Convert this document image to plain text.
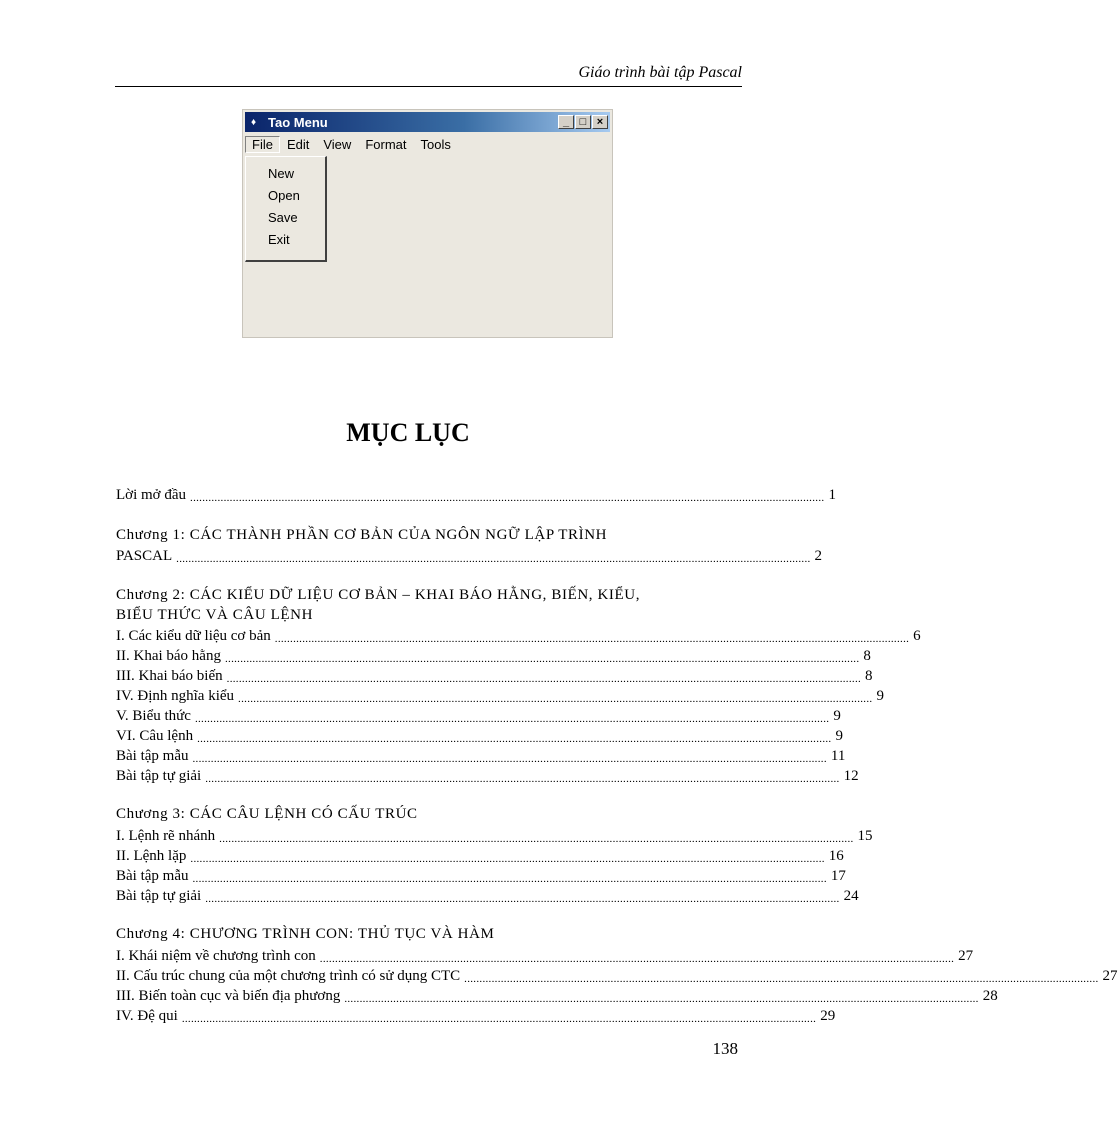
Giáo trình bài tập Pascal
♦ Tao Menu	_ □ ×
File	Edit	View	Format	Tools
New
Open
Save
Exit
MỤC LỤC
Lời mở đầu ................................................................................................................................................................................................................ 1
Chương 1: CÁC THÀNH PHẦN CƠ BẢN CỦA NGÔN NGỮ LẬP TRÌNH
PASCAL ................................................................................................................................................................................................................ 2
Chương 2: CÁC KIỂU DỮ LIỆU CƠ BẢN – KHAI BÁO HẰNG, BIẾN, KIỂU,
BIỂU THỨC VÀ CÂU LỆNH
I. Các kiểu dữ liệu cơ bản ................................................................................................................................................................................................................ 6
II. Khai báo hằng ................................................................................................................................................................................................................ 8
III. Khai báo biến ................................................................................................................................................................................................................ 8
IV. Định nghĩa kiểu ................................................................................................................................................................................................................ 9
V. Biểu thức ................................................................................................................................................................................................................ 9
VI. Câu lệnh ................................................................................................................................................................................................................ 9
Bài tập mẫu ................................................................................................................................................................................................................ 11
Bài tập tự giải ................................................................................................................................................................................................................ 12
Chương 3: CÁC CÂU LỆNH CÓ CẤU TRÚC
I. Lệnh rẽ nhánh ................................................................................................................................................................................................................ 15
II. Lệnh lặp ................................................................................................................................................................................................................ 16
Bài tập mẫu ................................................................................................................................................................................................................ 17
Bài tập tự giải ................................................................................................................................................................................................................ 24
Chương 4: CHƯƠNG TRÌNH CON: THỦ TỤC VÀ HÀM
I. Khái niệm về chương trình con ................................................................................................................................................................................................................ 27
II. Cấu trúc chung của một chương trình có sử dụng CTC ................................................................................................................................................................................................................ 27
III. Biến toàn cục và biến địa phương ................................................................................................................................................................................................................ 28
IV. Đệ qui ................................................................................................................................................................................................................ 29
138
